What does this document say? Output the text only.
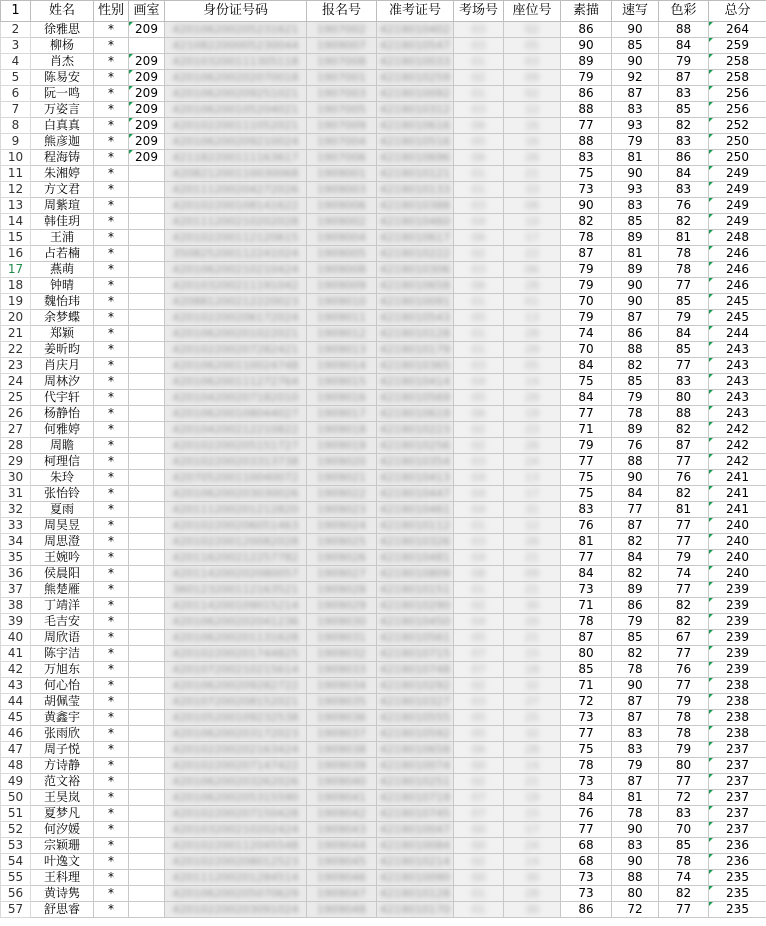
1	姓名	性别	画室	身份证号码	报名号	准考证号	考场号	座位号	素描	速写	色彩	总分
2	徐雅思	*	209	420106200205231621	1907002	4219010402	03	02	86	90	88	264
3	柳杨	*		421082200005230044	1909007	4219010547	03	05	90	85	84	259
4	肖杰	*	209	420103200111305118	1907008	4219010033	01	03	89	90	79	258
5	陈易安	*	209	420106200202070018	1907001	4219010259	02	09	79	92	87	258
6	阮一鸣	*	209	420106200209251021	1907003	4219010092	01	02	86	87	83	256
7	万姿言	*	209	420106200105204021	1907005	4219010312	03	12	88	83	85	256
8	白真真	*	209	420102200111052021	1907009	4219010616	06	16	77	93	82	252
9	熊彦迦	*	209	420106200209210024	1907004	4219010516	05	16	88	79	83	250
10	程海铸	*	209	421182200111163617	1907006	4219010696	06	26	83	81	86	250
11	朱湘婷	*		420821200110030068	1909001	4219010121	01	21	75	90	84	249
12	方文君	*		420111200204272026	1909003	4219010133	01	33	73	93	83	249
13	周紫瑄	*		420102200108141622	1909006	4219010388	03	08	90	83	76	249
14	韩佳玥	*		420111200210202028	1909002	4219010460	04	10	82	85	82	249
15	王浦	*		420102200112120615	1909004	4219010617	06	17	78	89	81	248
16	占若楠	*		350825200112241024	1909005	4219010222	02	22	87	81	78	246
17	燕萌	*		420106200210210424	1909008	4219010306	03	06	79	89	78	246
18	钟晴	*		420103200211191042	1909009	4219010658	06	28	79	90	77	246
19	魏怡玮	*		420881200212220023	1909010	4219010091	01	01	70	90	85	245
20	余梦蝶	*		420102200206172024	1909011	4219010543	05	13	79	87	79	245
21	郑颖	*		420106200201022021	1909012	4219010128	01	28	74	86	84	244
22	姜昕昀	*		420102200207282421	1909013	4219010179	01	29	70	88	85	243
23	肖庆月	*		420106200110024748	1909014	4219010365	03	05	84	82	77	243
24	周林汐	*		420106200111272764	1909015	4219010414	04	14	75	85	83	243
25	代宇轩	*		420104200207182010	1909016	4219010569	05	29	84	79	80	243
26	杨静怡	*		420106200108044027	1909017	4219010619	06	19	77	78	88	243
27	何雅婷	*		420104200212210822	1909018	4219010223	02	23	71	89	82	242
28	周瞻	*		420102200205151727	1909019	4219010256	02	26	79	76	87	242
29	柯理信	*		420102200203313738	1909020	4219010354	03	24	77	88	77	242
30	朱玲	*		420705200110040072	1909021	4219010413	04	13	75	90	76	241
31	张怡铃	*		420106200203030026	1909022	4219010447	04	17	75	84	82	241
32	夏雨	*		420111200201212820	1909023	4219010461	04	31	83	77	81	241
33	周昊昱	*		420102200206051463	1909024	4219010112	01	12	76	87	77	240
34	周思澄	*		420102200120082028	1909025	4219010326	03	26	81	82	77	240
35	王婉吟	*		420116200212257782	1909026	4219010481	04	21	77	84	79	240
36	侯晨阳	*		420114200202080057	1909027	4219010809	08	09	84	82	74	240
37	熊楚雁	*		360123200112163521	1909028	4219010151	01	21	73	89	77	239
38	丁靖洋	*		420114200109015214	1909029	4219010290	02	30	71	86	82	239
39	毛吉安	*		420106200202041236	1909030	4219010450	04	20	78	79	82	239
40	周欣语	*		420106200201131628	1909031	4219010561	05	21	87	85	67	239
41	陈宇洁	*		420102200201744825	1909032	4219010715	07	15	80	82	77	239
42	万旭东	*		420107200210215614	1909033	4219010748	07	18	85	78	76	239
43	何心怡	*		420106200209282722	1909034	4219010292	02	32	71	90	77	238
44	胡佩莹	*		420107200208152021	1909035	4219010327	03	27	72	87	79	238
45	黄鑫宇	*		420105200109232538	1909036	4219010555	05	25	73	87	78	238
46	张雨欣	*		420106200203172023	1909037	4219010592	05	32	77	83	78	238
47	周子悦	*		420102200202163424	1909038	4219010658	06	28	75	83	79	237
48	方诗静	*		420102200207147422	1909039	4219010074	00	14	78	79	80	237
49	范文裕	*		420106200203262026	1909040	4219010251	02	21	73	87	77	237
50	王昊岚	*		420106200205315590	1909041	4219010719	07	19	84	81	72	237
51	夏梦凡	*		420102200207150428	1909042	4219010745	07	15	76	78	83	237
52	何汐媛	*		420103200210202424	1909043	4219010047	00	17	77	90	70	237
53	宗颖珊	*		420102200112045548	1909044	4219010084	00	24	68	83	85	236
54	叶逸文	*		420102200208012523	1909045	4219010214	02	14	68	90	78	236
55	王科理	*		420111200201284514	1909046	4219010090	00	30	73	88	74	235
56	黄诗隽	*		420106200205070629	1909047	4219010128	01	28	73	80	82	235
57	舒思睿	*		420102200203091024	1909048	4219010170	01	30	86	72	77	235
